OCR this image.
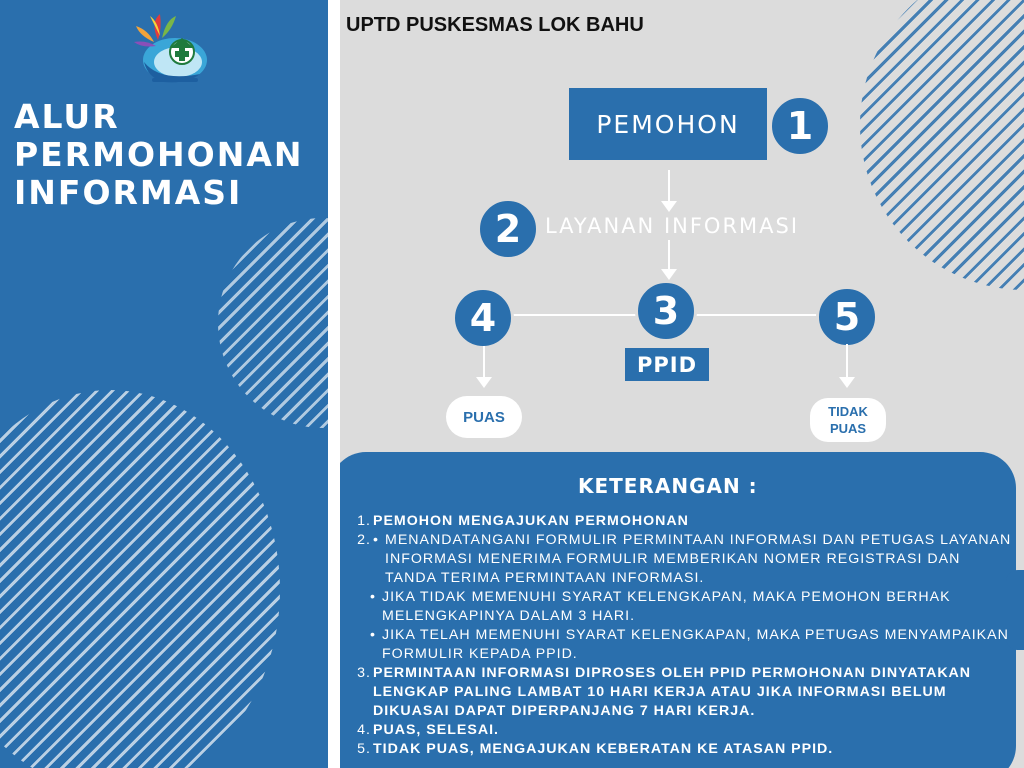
ALUR
PERMOHONAN
INFORMASI
UPTD PUSKESMAS LOK BAHU
PEMOHON	1
2	LAYANAN INFORMASI
4	3	5
PPID
PUAS	TIDAK
PUAS
KETERANGAN :
1. PEMOHON MENGAJUKAN PERMOHONAN
2. • MENANDATANGANI FORMULIR PERMINTAAN INFORMASI DAN PETUGAS LAYANAN INFORMASI MENERIMA FORMULIR MEMBERIKAN NOMER REGISTRASI DAN TANDA TERIMA PERMINTAAN INFORMASI.
• JIKA TIDAK MEMENUHI SYARAT KELENGKAPAN, MAKA PEMOHON BERHAK MELENGKAPINYA DALAM 3 HARI.
• JIKA TELAH MEMENUHI SYARAT KELENGKAPAN, MAKA PETUGAS MENYAMPAIKAN FORMULIR KEPADA PPID.
3. PERMINTAAN INFORMASI DIPROSES OLEH PPID PERMOHONAN DINYATAKAN LENGKAP PALING LAMBAT 10 HARI KERJA ATAU JIKA INFORMASI BELUM DIKUASAI DAPAT DIPERPANJANG 7 HARI KERJA.
4. PUAS, SELESAI.
5. TIDAK PUAS, MENGAJUKAN KEBERATAN KE ATASAN PPID.
